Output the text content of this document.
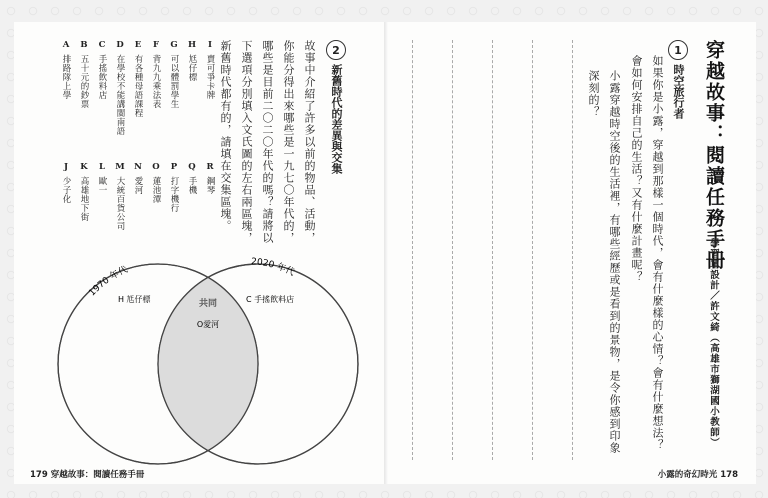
穿越故事：閱讀任務手冊
學習單設計／許文綺（高雄市獅湖國小教師）
1
時空旅行者
如果你是小露，穿越到那樣一個時代，會有什麼樣的心情？會有什麼想法？會如何安排自己的生活？又有什麼計畫呢？
小露穿越時空後的生活裡，有哪些經歷或是看到的景物，是令你感到印象深刻的？
小露的奇幻時光 178
2
新舊時代的差異與交集
故事中介紹了許多以前的物品、活動，你能分得出來哪些是一九七〇年代的，哪些是目前二〇二〇年代的嗎？請將以下選項分別填入文氏圖的左右兩區塊，新舊時代都有的，請填在交集區塊。
A排路隊上學
B五十元的鈔票
C手搖飲料店
D在學校不能講閩南語
E有各種母語課程
F背九九乘法表
G可以體罰學生
H尪仔標
I賣可爭卡牌
J少子化
K高雄地下街
L歐一
M大統百貨公司
N愛河
O蓮池潭
P打字機行
Q手機
R鋼琴
1970 年代
2020 年代
共同
H 尪仔標	C 手搖飲料店
O愛河
179 穿越故事：閱讀任務手冊
